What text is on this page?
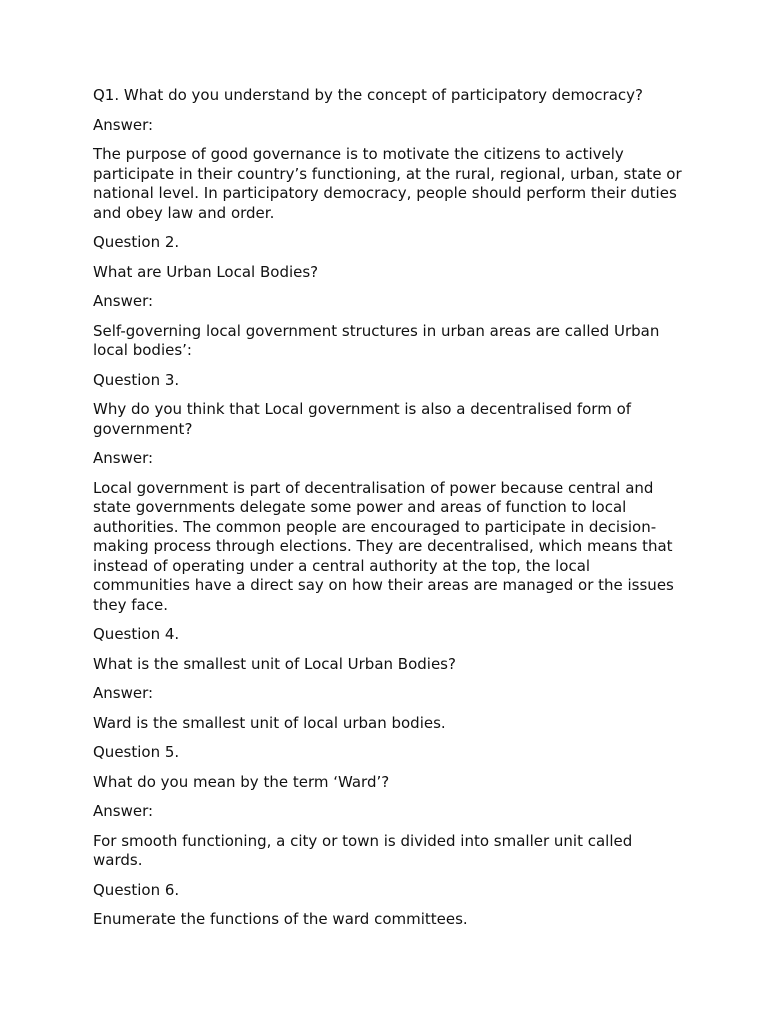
Q1. What do you understand by the concept of participatory democracy?

Answer:

The purpose of good governance is to motivate the citizens to actively participate in their country’s functioning, at the rural, regional, urban, state or national level. In participatory democracy, people should perform their duties and obey law and order.

Question 2.

What are Urban Local Bodies?

Answer:

Self-governing local government structures in urban areas are called Urban local bodies’:

Question 3.

Why do you think that Local government is also a decentralised form of government?

Answer:

Local government is part of decentralisation of power because central and state governments delegate some power and areas of function to local authorities. The common people are encouraged to participate in decision-making process through elections. They are decentralised, which means that instead of operating under a central authority at the top, the local communities have a direct say on how their areas are managed or the issues they face.

Question 4.

What is the smallest unit of Local Urban Bodies?

Answer:

Ward is the smallest unit of local urban bodies.

Question 5.

What do you mean by the term ‘Ward’?

Answer:

For smooth functioning, a city or town is divided into smaller unit called wards.

Question 6.

Enumerate the functions of the ward committees.
